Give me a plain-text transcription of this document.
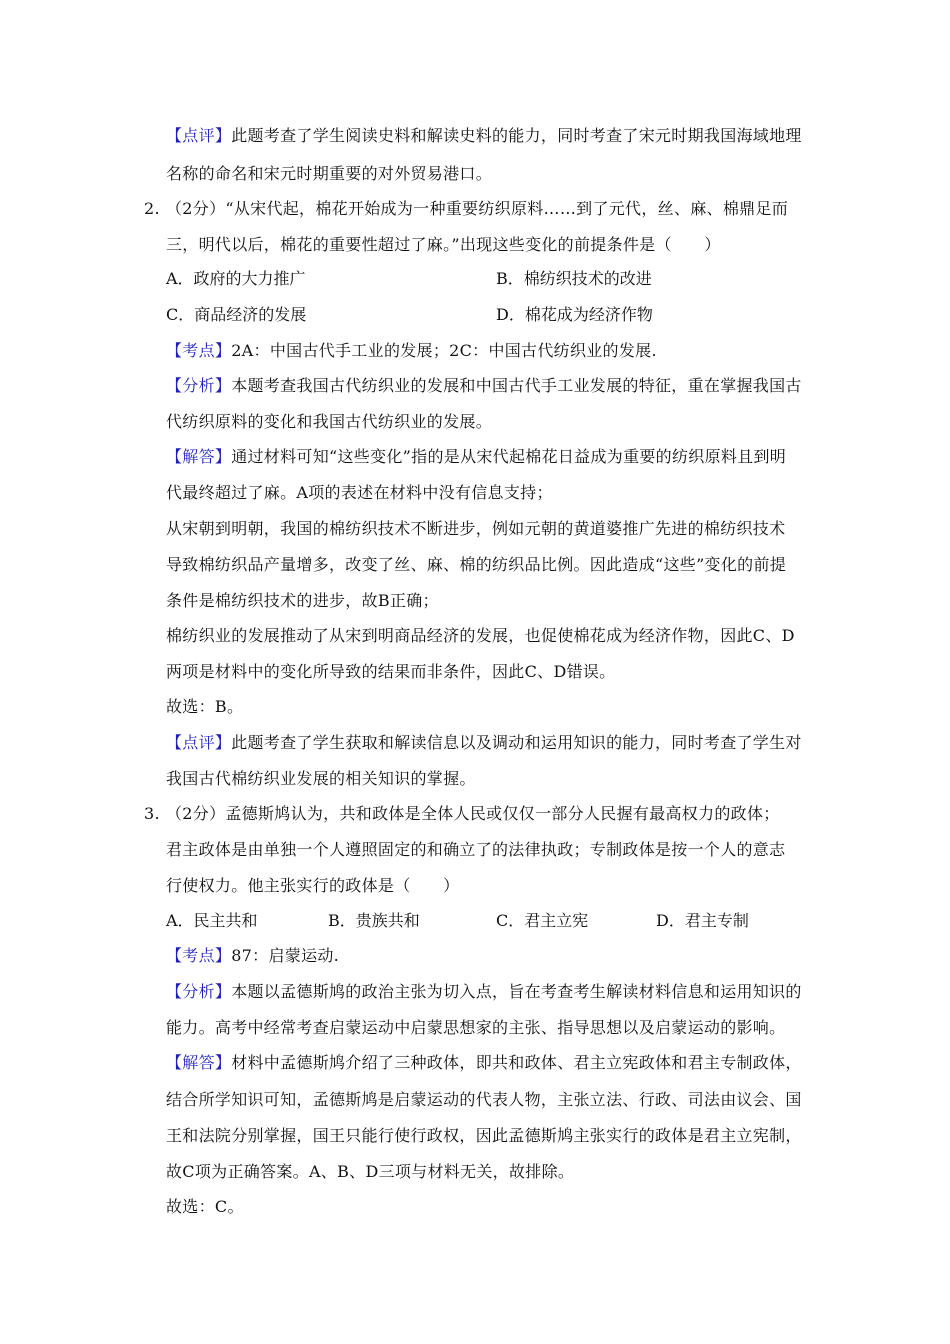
【点评】此题考查了学生阅读史料和解读史料的能力，同时考查了宋元时期我国海域地理
名称的命名和宋元时期重要的对外贸易港口。
2. （2分）“从宋代起，棉花开始成为一种重要纺织原料……到了元代，丝、麻、棉鼎足而
三，明代以后，棉花的重要性超过了麻。”出现这些变化的前提条件是（　　）
A．政府的大力推广	B．棉纺织技术的改进
C．商品经济的发展	D．棉花成为经济作物
【考点】2A：中国古代手工业的发展；2C：中国古代纺织业的发展.
【分析】本题考查我国古代纺织业的发展和中国古代手工业发展的特征，重在掌握我国古
代纺织原料的变化和我国古代纺织业的发展。
【解答】通过材料可知“这些变化”指的是从宋代起棉花日益成为重要的纺织原料且到明
代最终超过了麻。A项的表述在材料中没有信息支持；
从宋朝到明朝，我国的棉纺织技术不断进步，例如元朝的黄道婆推广先进的棉纺织技术
导致棉纺织品产量增多，改变了丝、麻、棉的纺织品比例。因此造成“这些”变化的前提
条件是棉纺织技术的进步，故B正确；
棉纺织业的发展推动了从宋到明商品经济的发展，也促使棉花成为经济作物，因此C、D
两项是材料中的变化所导致的结果而非条件，因此C、D错误。
故选：B。
【点评】此题考查了学生获取和解读信息以及调动和运用知识的能力，同时考查了学生对
我国古代棉纺织业发展的相关知识的掌握。
3. （2分）孟德斯鸠认为，共和政体是全体人民或仅仅一部分人民握有最高权力的政体；
君主政体是由单独一个人遵照固定的和确立了的法律执政；专制政体是按一个人的意志
行使权力。他主张实行的政体是（　　）
A．民主共和	B．贵族共和	C．君主立宪	D．君主专制
【考点】87：启蒙运动.
【分析】本题以孟德斯鸠的政治主张为切入点，旨在考查考生解读材料信息和运用知识的
能力。高考中经常考查启蒙运动中启蒙思想家的主张、指导思想以及启蒙运动的影响。
【解答】材料中孟德斯鸠介绍了三种政体，即共和政体、君主立宪政体和君主专制政体，
结合所学知识可知，孟德斯鸠是启蒙运动的代表人物，主张立法、行政、司法由议会、国
王和法院分别掌握，国王只能行使行政权，因此孟德斯鸠主张实行的政体是君主立宪制，
故C项为正确答案。A、B、D三项与材料无关，故排除。
故选：C。
